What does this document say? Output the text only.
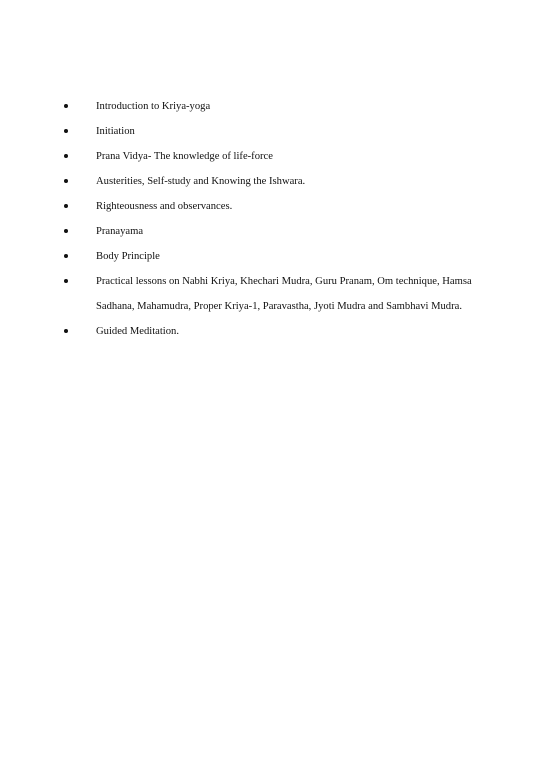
Introduction to Kriya-yoga
Initiation
Prana Vidya- The knowledge of life-force
Austerities, Self-study and Knowing the Ishwara.
Righteousness and observances.
Pranayama
Body Principle
Practical lessons on Nabhi Kriya, Khechari Mudra, Guru Pranam, Om technique, Hamsa
Sadhana, Mahamudra, Proper Kriya-1, Paravastha, Jyoti Mudra and Sambhavi Mudra.
Guided Meditation.
